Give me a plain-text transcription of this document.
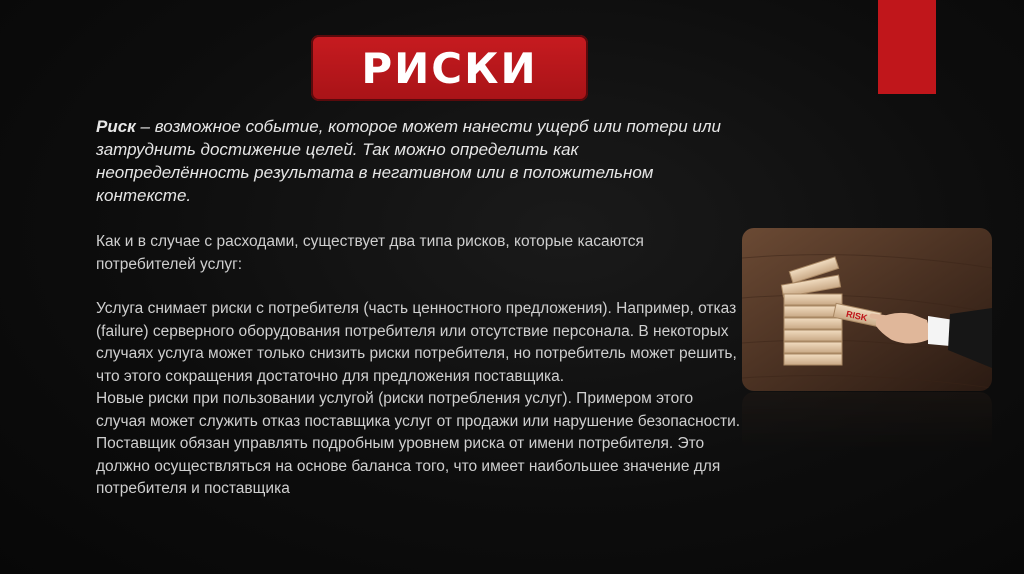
РИСКИ
Риск – возможное событие, которое может нанести ущерб или потери или затруднить достижение целей. Так можно определить как неопределённость результата в негативном или в положительном контексте.

Как и в случае с расходами, существует два типа рисков, которые касаются потребителей услуг:

Услуга снимает риски с потребителя (часть ценностного предложения). Например, отказ (failure) серверного оборудования потребителя или отсутствие персонала. В некоторых случаях услуга может только снизить риски потребителя, но потребитель может решить, что этого сокращения достаточно для предложения поставщика.

Новые риски при пользовании услугой (риски потребления услуг). Примером этого случая может служить отказ поставщика услуг от продажи или нарушение безопасности.

Поставщик обязан управлять подробным уровнем риска от имени потребителя. Это должно осуществляться на основе баланса того, что имеет наибольшее значение для потребителя и поставщика

RISK
